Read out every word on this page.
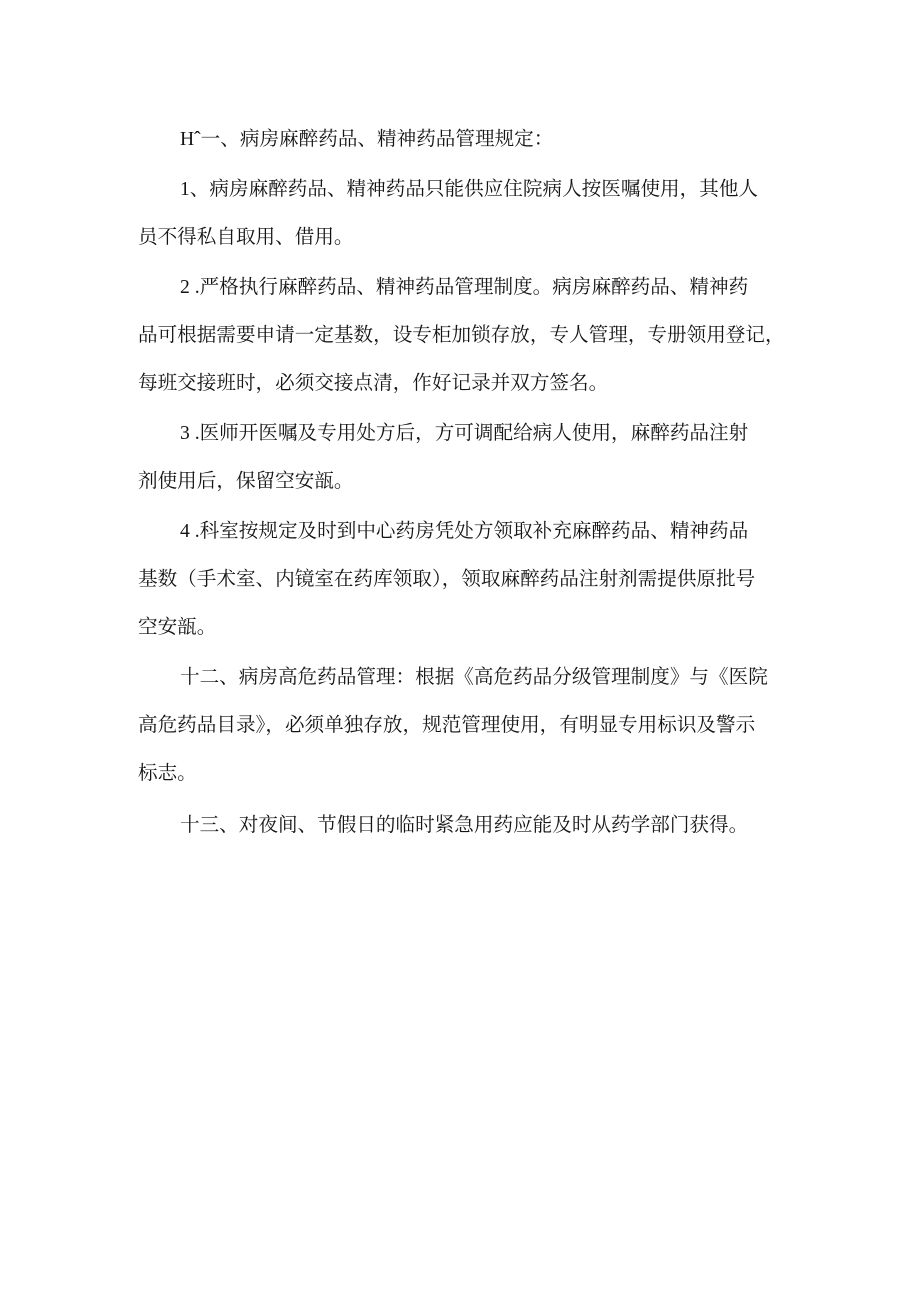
Hˆ一、病房麻醉药品、精神药品管理规定：
1、病房麻醉药品、精神药品只能供应住院病人按医嘱使用，其他人
员不得私自取用、借用。
2 .严格执行麻醉药品、精神药品管理制度。病房麻醉药品、精神药
品可根据需要申请一定基数，设专柜加锁存放，专人管理，专册领用登记，
每班交接班时，必须交接点清，作好记录并双方签名。
3 .医师开医嘱及专用处方后，方可调配给病人使用，麻醉药品注射
剂使用后，保留空安瓿。
4 .科室按规定及时到中心药房凭处方领取补充麻醉药品、精神药品
基数（手术室、内镜室在药库领取），领取麻醉药品注射剂需提供原批号
空安瓿。
十二、病房高危药品管理：根据《高危药品分级管理制度》与《医院
高危药品目录》，必须单独存放，规范管理使用，有明显专用标识及警示
标志。
十三、对夜间、节假日的临时紧急用药应能及时从药学部门获得。
